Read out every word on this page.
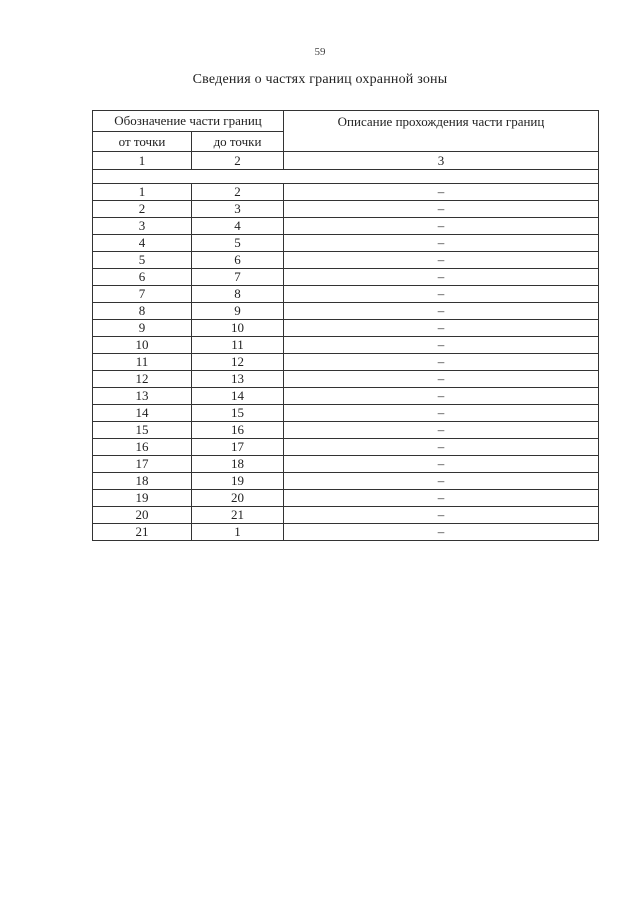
59
Сведения о частях границ охранной зоны
Обозначение части границ		Описание прохождения части границ
от точки	до точки	
1	2	3

1	2	–
2	3	–
3	4	–
4	5	–
5	6	–
6	7	–
7	8	–
8	9	–
9	10	–
10	11	–
11	12	–
12	13	–
13	14	–
14	15	–
15	16	–
16	17	–
17	18	–
18	19	–
19	20	–
20	21	–
21	1	–
